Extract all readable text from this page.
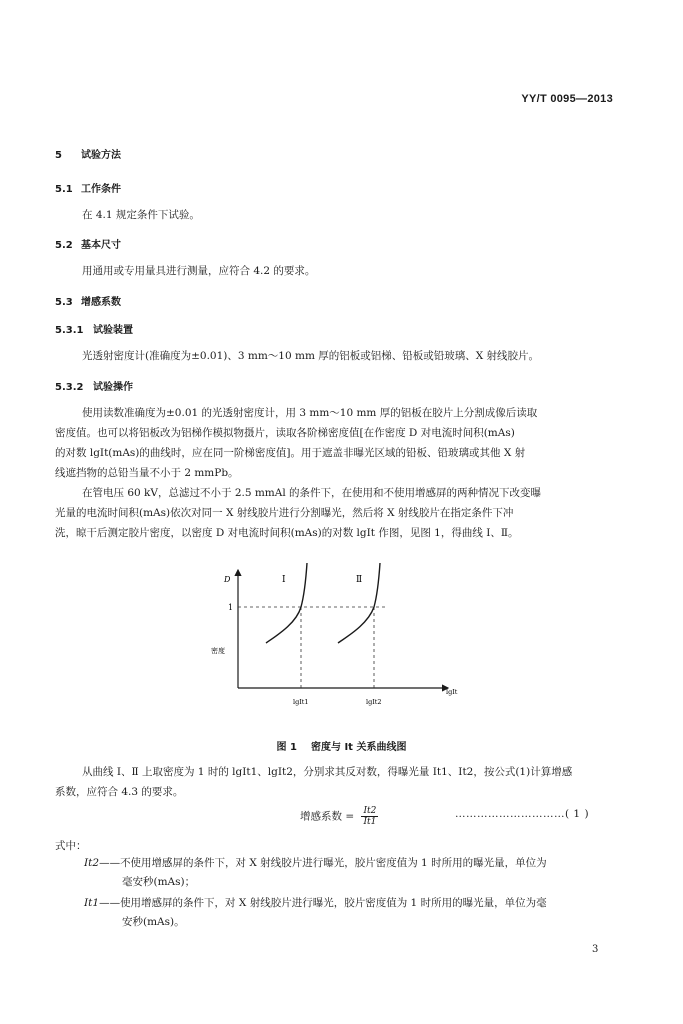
YY/T 0095—2013
5 试验方法
5.1 工作条件
在 4.1 规定条件下试验。
5.2 基本尺寸
用通用或专用量具进行测量，应符合 4.2 的要求。
5.3 增感系数
5.3.1 试验装置
光透射密度计(准确度为±0.01)、3 mm～10 mm 厚的铝板或铝梯、铅板或铅玻璃、X 射线胶片。
5.3.2 试验操作
使用读数准确度为±0.01 的光透射密度计，用 3 mm～10 mm 厚的铝板在胶片上分割成像后读取
密度值。也可以将铝板改为铝梯作模拟物摄片，读取各阶梯密度值[在作密度 D 对电流时间积(mAs)
的对数 lgIt(mAs)的曲线时，应在同一阶梯密度值]。用于遮盖非曝光区域的铅板、铅玻璃或其他 X 射
线遮挡物的总铅当量不小于 2 mmPb。
在管电压 60 kV，总滤过不小于 2.5 mmAl 的条件下，在使用和不使用增感屏的两种情况下改变曝
光量的电流时间积(mAs)依次对同一 X 射线胶片进行分割曝光，然后将 X 射线胶片在指定条件下冲
洗，晾干后测定胶片密度，以密度 D 对电流时间积(mAs)的对数 lgIt 作图，见图 1，得曲线 Ⅰ、Ⅱ。
D
1
密度
Ⅰ	Ⅱ
lgIt1	lgIt2
lgIt
图 1 密度与 It 关系曲线图
从曲线 Ⅰ、Ⅱ 上取密度为 1 时的 lgIt1、lgIt2，分别求其反对数，得曝光量 It1、It2，按公式(1)计算增感
系数，应符合 4.3 的要求。
增感系数 = $\frac{It2}{It1}$	…………………………( 1 )
式中：
It2——不使用增感屏的条件下，对 X 射线胶片进行曝光，胶片密度值为 1 时所用的曝光量，单位为
毫安秒(mAs)；
It1——使用增感屏的条件下，对 X 射线胶片进行曝光，胶片密度值为 1 时所用的曝光量，单位为毫
安秒(mAs)。
3
